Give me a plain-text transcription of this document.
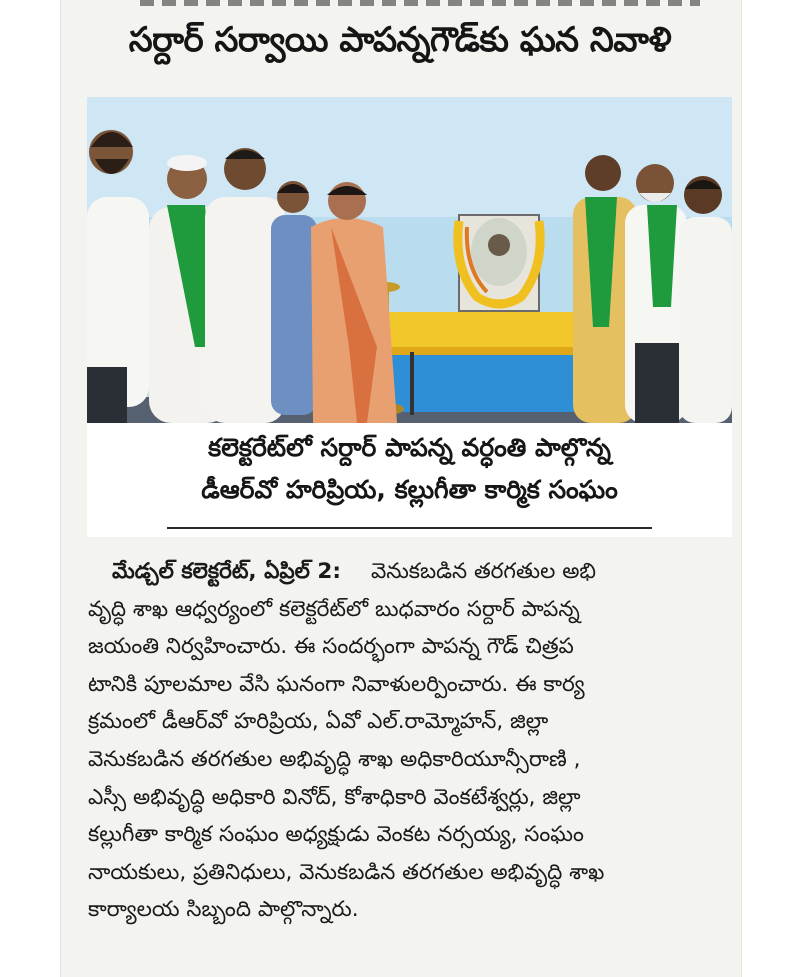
సర్దార్ సర్వాయి పాపన్నగౌడ్‌కు ఘన నివాళి
కలెక్టరేట్‌లో సర్దార్ పాపన్న వర్ధంతి పాల్గొన్న
డీఆర్‌వో హరిప్రియ, కల్లుగీతా కార్మిక సంఘం
మేడ్చల్ కలెక్టరేట్, ఏప్రిల్ 2: వెనుకబడిన తరగతుల అభి
వృద్ధి శాఖ ఆధ్వర్యంలో కలెక్టరేట్‌లో బుధవారం సర్దార్ పాపన్న
జయంతి నిర్వహించారు. ఈ సందర్భంగా పాపన్న గౌడ్ చిత్రప
టానికి పూలమాల వేసి ఘనంగా నివాళులర్పించారు. ఈ కార్య
క్రమంలో డీఆర్‌వో హరిప్రియ, ఏవో ఎల్.రామ్మోహన్, జిల్లా
వెనుకబడిన తరగతుల అభివృద్ధి శాఖ అధికారియూన్సీరాణి ,
ఎస్సీ అభివృద్ధి అధికారి వినోద్, కోశాధికారి వెంకటేశ్వర్లు, జిల్లా
కల్లుగీతా కార్మిక సంఘం అధ్యక్షుడు వెంకట నర్సయ్య, సంఘం
నాయకులు, ప్రతినిధులు, వెనుకబడిన తరగతుల అభివృద్ధి శాఖ
కార్యాలయ సిబ్బంది పాల్గొన్నారు.
